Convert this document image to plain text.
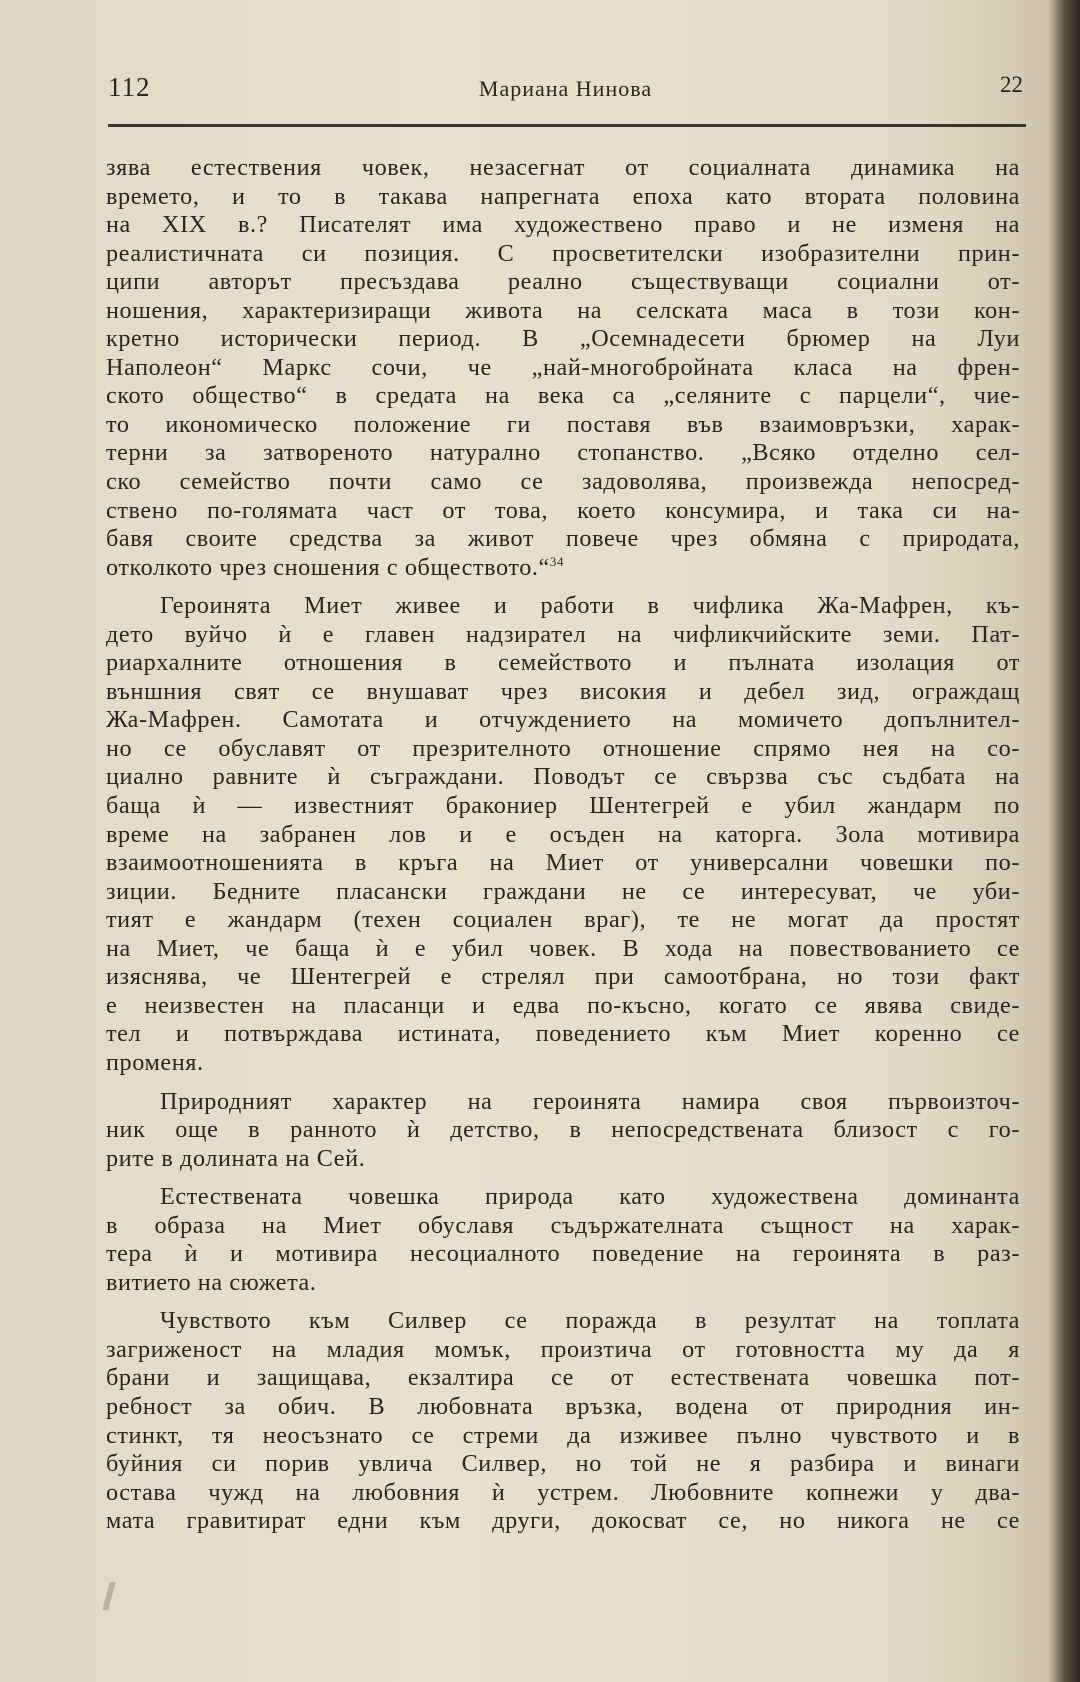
112	Мариана Нинова	22
зява естествения човек, незасегнат от социалната динамика на
времето, и то в такава напрегната епоха като втората половина
на XIX в.? Писателят има художествено право и не изменя на
реалистичната си позиция. С просветителски изобразителни прин-
ципи авторът пресъздава реално съществуващи социални от-
ношения, характеризиращи живота на селската маса в този кон-
кретно исторически период. В „Осемнадесети брюмер на Луи
Наполеон“ Маркс сочи, че „най-многобройната класа на френ-
ското общество“ в средата на века са „селяните с парцели“, чие-
то икономическо положение ги поставя във взаимовръзки, харак-
терни за затвореното натурално стопанство. „Всяко отделно сел-
ско семейство почти само се задоволява, произвежда непосред-
ствено по-голямата част от това, което консумира, и така си на-
бавя своите средства за живот повече чрез обмяна с природата,
отколкото чрез сношения с обществото.“$^{34}$
Героинята Миет живее и работи в чифлика Жа-Мафрен, къ-
дето вуйчо ѝ е главен надзирател на чифликчийските земи. Пат-
риархалните отношения в семейството и пълната изолация от
външния свят се внушават чрез високия и дебел зид, ограждащ
Жа-Мафрен. Самотата и отчуждението на момичето допълнител-
но се обуславят от презрителното отношение спрямо нея на со-
циално равните ѝ съграждани. Поводът се свързва със съдбата на
баща ѝ — известният бракониер Шентегрей е убил жандарм по
време на забранен лов и е осъден на каторга. Зола мотивира
взаимоотношенията в кръга на Миет от универсални човешки по-
зиции. Бедните пласански граждани не се интересуват, че уби-
тият е жандарм (техен социален враг), те не могат да простят
на Миет, че баща ѝ е убил човек. В хода на повествованието се
изяснява, че Шентегрей е стрелял при самоотбрана, но този факт
е неизвестен на пласанци и едва по-късно, когато се явява свиде-
тел и потвърждава истината, поведението към Миет коренно се
променя.
Природният характер на героинята намира своя първоизточ-
ник още в ранното ѝ детство, в непосредствената близост с го-
рите в долината на Сей.
Естествената човешка природа като художествена доминанта
в образа на Миет обуславя съдържателната същност на харак-
тера ѝ и мотивира несоциалното поведение на героинята в раз-
витието на сюжета.
Чувството към Силвер се поражда в резултат на топлата
загриженост на младия момък, произтича от готовността му да я
брани и защищава, екзалтира се от естествената човешка пот-
ребност за обич. В любовната връзка, водена от природния ин-
стинкт, тя неосъзнато се стреми да изживее пълно чувството и в
буйния си порив увлича Силвер, но той не я разбира и винаги
остава чужд на любовния ѝ устрем. Любовните копнежи у два-
мата гравитират едни към други, докосват се, но никога не се
